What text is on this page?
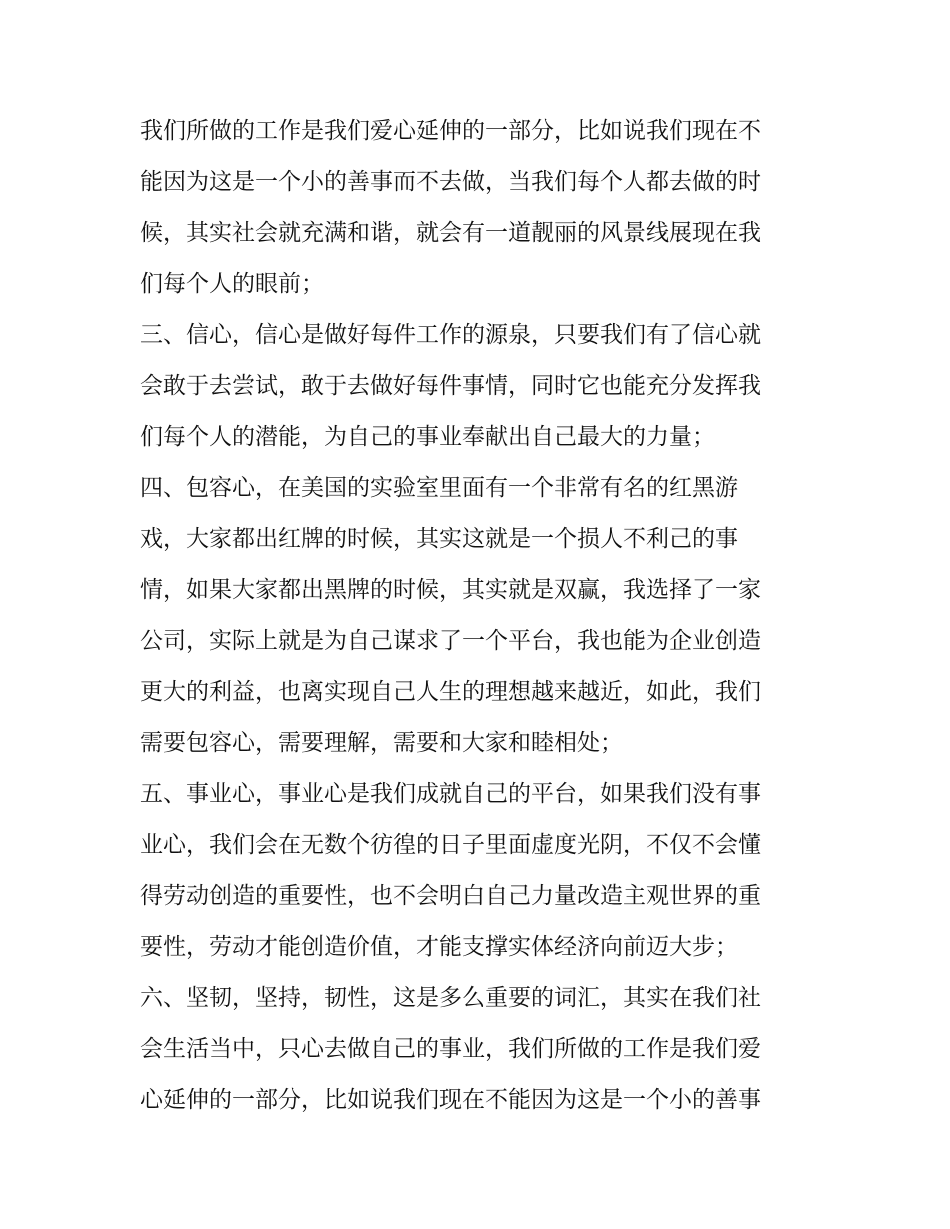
我们所做的工作是我们爱心延伸的一部分，比如说我们现在不
能因为这是一个小的善事而不去做，当我们每个人都去做的时
候，其实社会就充满和谐，就会有一道靓丽的风景线展现在我
们每个人的眼前；
三、信心，信心是做好每件工作的源泉，只要我们有了信心就
会敢于去尝试，敢于去做好每件事情，同时它也能充分发挥我
们每个人的潜能，为自己的事业奉献出自己最大的力量；
四、包容心，在美国的实验室里面有一个非常有名的红黑游
戏，大家都出红牌的时候，其实这就是一个损人不利己的事
情，如果大家都出黑牌的时候，其实就是双赢，我选择了一家
公司，实际上就是为自己谋求了一个平台，我也能为企业创造
更大的利益，也离实现自己人生的理想越来越近，如此，我们
需要包容心，需要理解，需要和大家和睦相处；
五、事业心，事业心是我们成就自己的平台，如果我们没有事
业心，我们会在无数个彷徨的日子里面虚度光阴，不仅不会懂
得劳动创造的重要性，也不会明白自己力量改造主观世界的重
要性，劳动才能创造价值，才能支撑实体经济向前迈大步；
六、坚韧，坚持，韧性，这是多么重要的词汇，其实在我们社
会生活当中，只心去做自己的事业，我们所做的工作是我们爱
心延伸的一部分，比如说我们现在不能因为这是一个小的善事
